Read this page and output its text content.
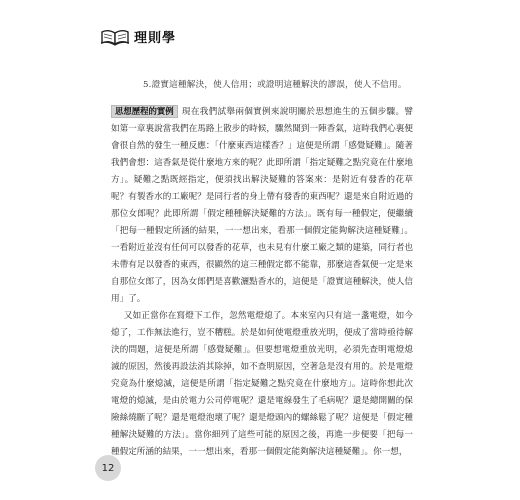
理則學
5.證實這種解決，使人信用；或證明這種解決的謬誤，使人不信用。

思想歷程的實例 現在我們試舉兩個實例來說明關於思想進生的五個步驟。譬如第一章裏說當我們在馬路上散步的時候，驟然聞到一陣香氣，這時我們心裏便會很自然的發生一種反應：「什麼東西這樣香？」這便是所謂「感覺疑難」。隨著我們會想：這香氣是從什麼地方來的呢？此即所謂「指定疑難之點究竟在什麼地方」。疑難之點既經指定，便須找出解決疑難的答案來：是附近有發香的花草呢？有製香水的工廠呢？是同行者的身上帶有發香的東西呢？還是來自附近過的那位女郎呢？此即所謂「假定種種解決疑難的方法」。既有每一種假定，便繼續「把每一種假定所涵的結果，一一想出來，看那一個假定能夠解決這種疑難」。一看附近並沒有任何可以發香的花草，也未見有什麼工廠之類的建築，同行者也未帶有足以發香的東西，很顯然的這三種假定都不能靠，那麼這香氣便一定是來自那位女郎了，因為女郎們是喜歡灑點香水的，這便是「證實這種解決，使人信用」了。

又如正當你在寫燈下工作，忽然電燈熄了。本來室內只有這一盞電燈，如今熄了，工作無法進行，豈不糟糕。於是如何使電燈重放光明，便成了當時亟待解決的問題，這便是所謂「感覺疑難」。但要想電燈重放光明，必須先查明電燈熄滅的原因，然後再設法消其除掉，如不查明原因，空著急是沒有用的。於是電燈究竟為什麼熄滅，這便是所謂「指定疑難之點究竟在什麼地方」。這時你想此次電燈的熄滅，是由於電力公司停電呢？還是電線發生了毛病呢？還是總開關的保險絲燒斷了呢？還是電燈泡壞了呢？還是燈頭內的螺絲鬆了呢？這便是「假定種種解決疑難的方法」。當你細列了這些可能的原因之後，再進一步便要「把每一種假定所涵的結果，一一想出來，看那一個假定能夠解決這種疑難」。你一想，

12
